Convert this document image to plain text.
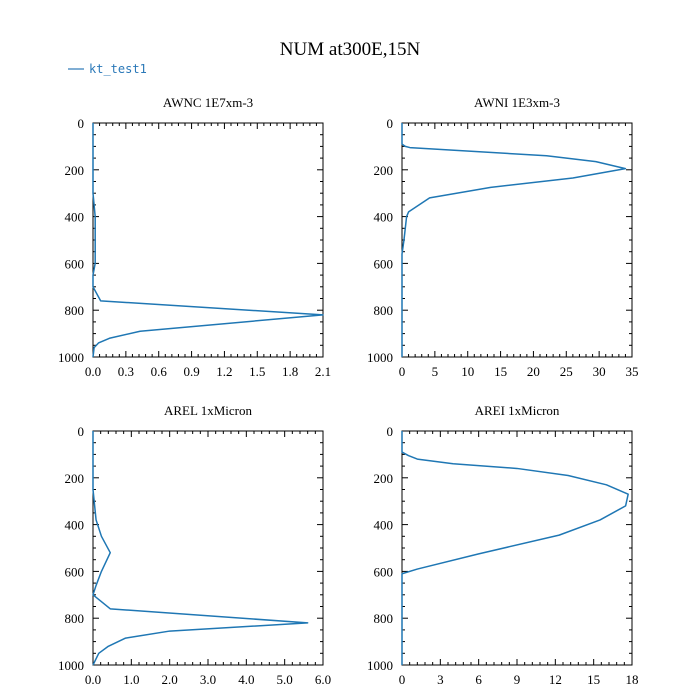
NUM at300E,15N
kt_test1
AWNC 1E7xm-3
0.0 0.3 0.6 0.9 1.2 1.5 1.8 2.1
0
200
400
600
800
1000
AWNI 1E3xm-3
0 5 10 15 20 25 30 35
0
200
400
600
800
1000
AREL 1xMicron
0.0 1.0 2.0 3.0 4.0 5.0 6.0
0
200
400
600
800
1000
AREI 1xMicron
0 3 6 9 12 15 18
0
200
400
600
800
1000
